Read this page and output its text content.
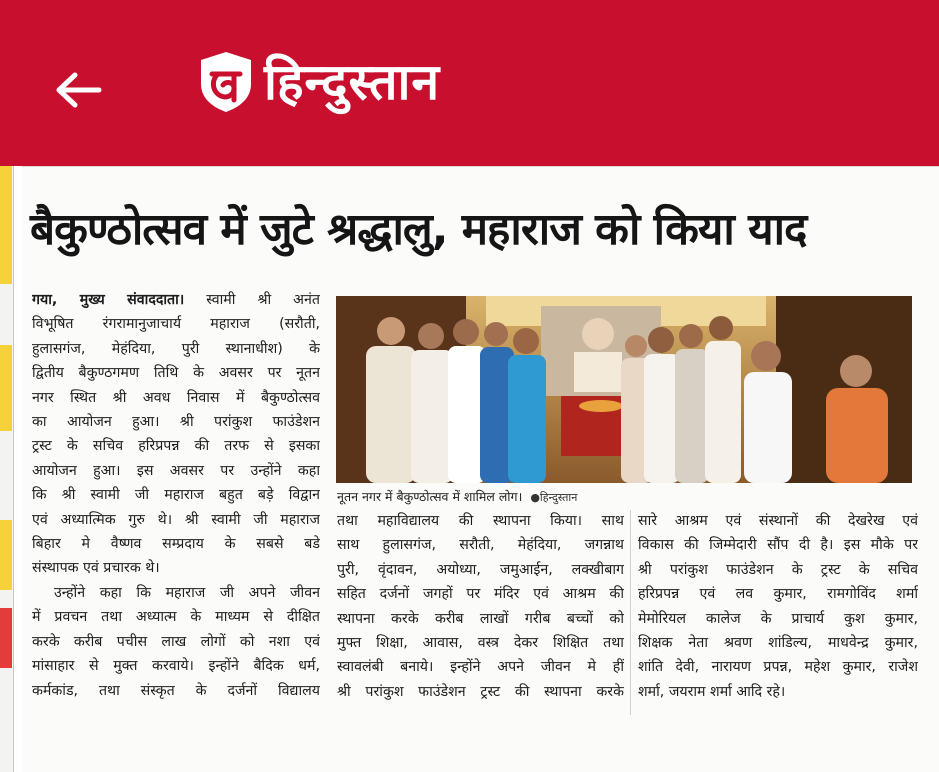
हिन्दुस्तान
बैकुण्ठोत्सव में जुटे श्रद्धालु, महाराज को किया याद

गया, मुख्य संवाददाता। स्वामी श्री अनंत

विभूषित रंगरामानुजाचार्य महाराज (सरौती,

हुलासगंज, मेहंदिया, पुरी स्थानाधीश) के

द्वितीय बैकुण्ठगमण तिथि के अवसर पर नूतन

नगर स्थित श्री अवध निवास में बैकुण्ठोत्सव

का आयोजन हुआ। श्री परांकुश फाउंडेशन

ट्रस्ट के सचिव हरिप्रपन्न की तरफ से इसका

आयोजन हुआ। इस अवसर पर उन्होंने कहा

कि श्री स्वामी जी महाराज बहुत बड़े विद्वान

एवं अध्यात्मिक गुरु थे। श्री स्वामी जी महाराज

बिहार मे वैष्णव सम्प्रदाय के सबसे बडे

संस्थापक एवं प्रचारक थे।

उन्होंने कहा कि महाराज जी अपने जीवन

में प्रवचन तथा अध्यात्म के माध्यम से दीक्षित

करके करीब पचीस लाख लोगों को नशा एवं

मांसाहार से मुक्त करवाये। इन्होंने बैदिक धर्म,

कर्मकांड, तथा संस्कृत के दर्जनों विद्यालय

नूतन नगर में बैकुण्ठोत्सव में शामिल लोग। ●हिन्दुस्तान

तथा महाविद्यालय की स्थापना किया। साथ

साथ हुलासगंज, सरौती, मेहंदिया, जगन्नाथ

पुरी, वृंदावन, अयोध्या, जमुआईन, लक्खीबाग

सहित दर्जनों जगहों पर मंदिर एवं आश्रम की

स्थापना करके करीब लाखों गरीब बच्चों को

मुफ्त शिक्षा, आवास, वस्त्र देकर शिक्षित तथा

स्वावलंबी बनाये। इन्होंने अपने जीवन मे हीं

श्री परांकुश फाउंडेशन ट्रस्ट की स्थापना करके

सारे आश्रम एवं संस्थानों की देखरेख एवं

विकास की जिम्मेदारी सौंप दी है। इस मौके पर

श्री परांकुश फाउंडेशन के ट्रस्ट के सचिव

हरिप्रपन्न एवं लव कुमार, रामगोविंद शर्मा

मेमोरियल कालेज के प्राचार्य कुश कुमार,

शिक्षक नेता श्रवण शांडिल्य, माधवेन्द्र कुमार,

शांति देवी, नारायण प्रपन्न, महेश कुमार, राजेश

शर्मा, जयराम शर्मा आदि रहे।
